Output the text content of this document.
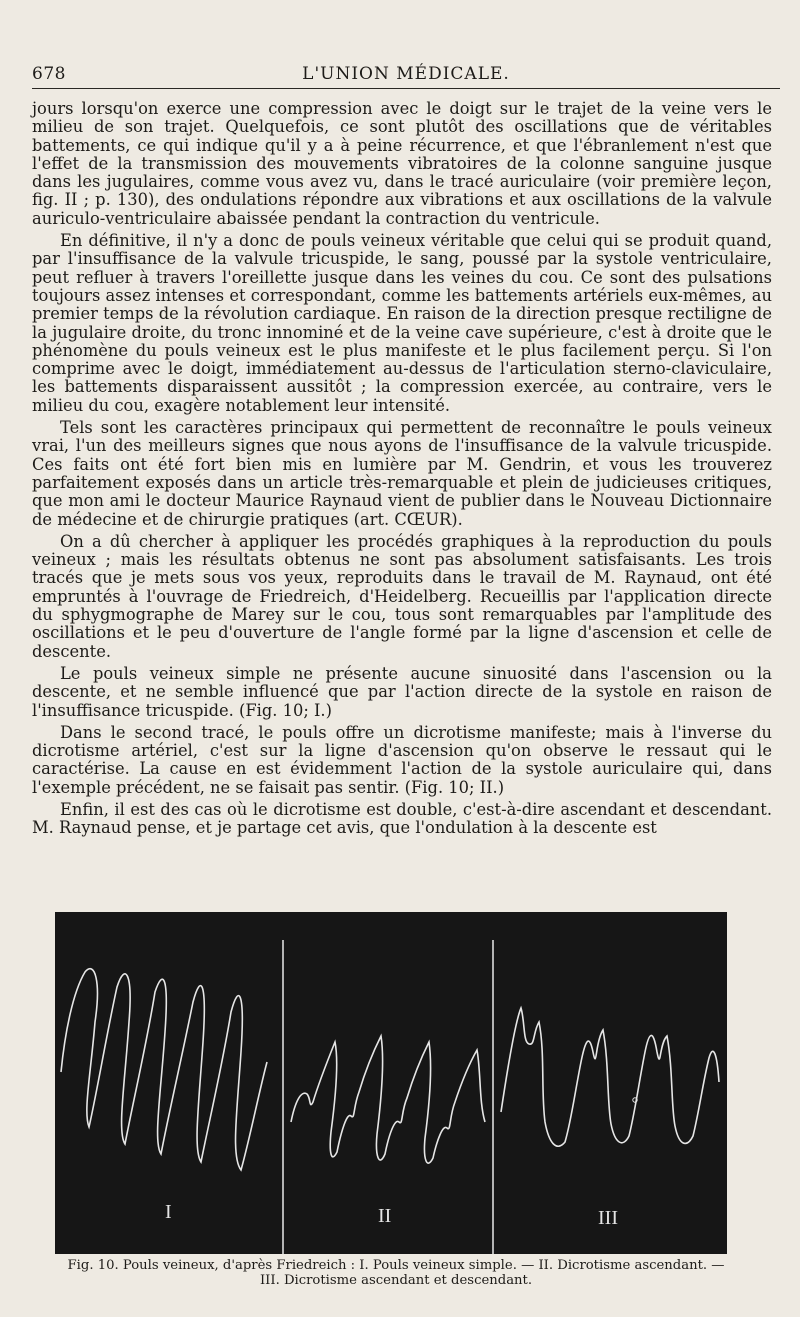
678	L'UNION MÉDICALE.

jours lorsqu'on exerce une compression avec le doigt sur le trajet de la veine vers le milieu de son trajet. Quelquefois, ce sont plutôt des oscillations que de véritables battements, ce qui indique qu'il y a à peine récurrence, et que l'ébranlement n'est que l'effet de la transmission des mouvements vibratoires de la colonne sanguine jusque dans les jugulaires, comme vous avez vu, dans le tracé auriculaire (voir première leçon, fig. II ; p. 130), des ondulations répondre aux vibrations et aux oscillations de la valvule auriculo-ventriculaire abaissée pendant la contraction du ventricule.

En définitive, il n'y a donc de pouls veineux véritable que celui qui se produit quand, par l'insuffisance de la valvule tricuspide, le sang, poussé par la systole ventriculaire, peut refluer à travers l'oreillette jusque dans les veines du cou. Ce sont des pulsations toujours assez intenses et correspondant, comme les battements artériels eux-mêmes, au premier temps de la révolution cardiaque. En raison de la direction presque rectiligne de la jugulaire droite, du tronc innominé et de la veine cave supérieure, c'est à droite que le phénomène du pouls veineux est le plus manifeste et le plus facilement perçu. Si l'on comprime avec le doigt, immédiatement au-dessus de l'articulation sterno-claviculaire, les battements disparaissent aussitôt ; la compression exercée, au contraire, vers le milieu du cou, exagère notablement leur intensité.

Tels sont les caractères principaux qui permettent de reconnaître le pouls veineux vrai, l'un des meilleurs signes que nous ayons de l'insuffisance de la valvule tricuspide. Ces faits ont été fort bien mis en lumière par M. Gendrin, et vous les trouverez parfaitement exposés dans un article très-remarquable et plein de judicieuses critiques, que mon ami le docteur Maurice Raynaud vient de publier dans le Nouveau Dictionnaire de médecine et de chirurgie pratiques (art. CŒUR).

On a dû chercher à appliquer les procédés graphiques à la reproduction du pouls veineux ; mais les résultats obtenus ne sont pas absolument satisfaisants. Les trois tracés que je mets sous vos yeux, reproduits dans le travail de M. Raynaud, ont été empruntés à l'ouvrage de Friedreich, d'Heidelberg. Recueillis par l'application directe du sphygmographe de Marey sur le cou, tous sont remarquables par l'amplitude des oscillations et le peu d'ouverture de l'angle formé par la ligne d'ascension et celle de descente.

Le pouls veineux simple ne présente aucune sinuosité dans l'ascension ou la descente, et ne semble influencé que par l'action directe de la systole en raison de l'insuffisance tricuspide. (Fig. 10; I.)

Dans le second tracé, le pouls offre un dicrotisme manifeste; mais à l'inverse du dicrotisme artériel, c'est sur la ligne d'ascension qu'on observe le ressaut qui le caractérise. La cause en est évidemment l'action de la systole auriculaire qui, dans l'exemple précédent, ne se faisait pas sentir. (Fig. 10; II.)

Enfin, il est des cas où le dicrotisme est double, c'est-à-dire ascendant et descendant. M. Raynaud pense, et je partage cet avis, que l'ondulation à la descente est

I	II	III
Fig. 10. Pouls veineux, d'après Friedreich : I. Pouls veineux simple. — II. Dicrotisme ascendant. —
III. Dicrotisme ascendant et descendant.
